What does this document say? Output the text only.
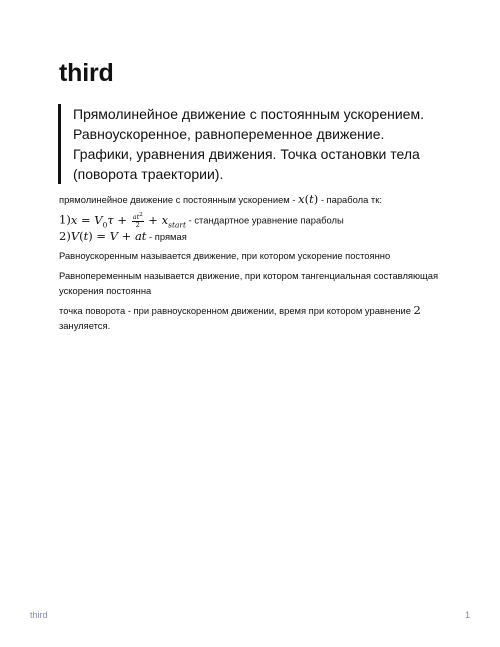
third
Прямолинейное движение с постоянным ускорением. Равноускоренное, равнопеременное движение. Графики, уравнения движения. Точка остановки тела (поворота траектории).
прямолинейное движение с постоянным ускорением - x(t) - парабола тк:
$1)x = V_0\tau + \frac{at^2}{2} + x_{start}$ - стандартное уравнение параболы
2)V(t) = V + at - прямая
Равноускоренным называется движение, при котором ускорение постоянно
Равнопеременным называется движение, при котором тангенциальная составляющая ускорения постоянна
точка поворота - при равноускоренном движении, время при котором уравнение 2 зануляется.
third	1
